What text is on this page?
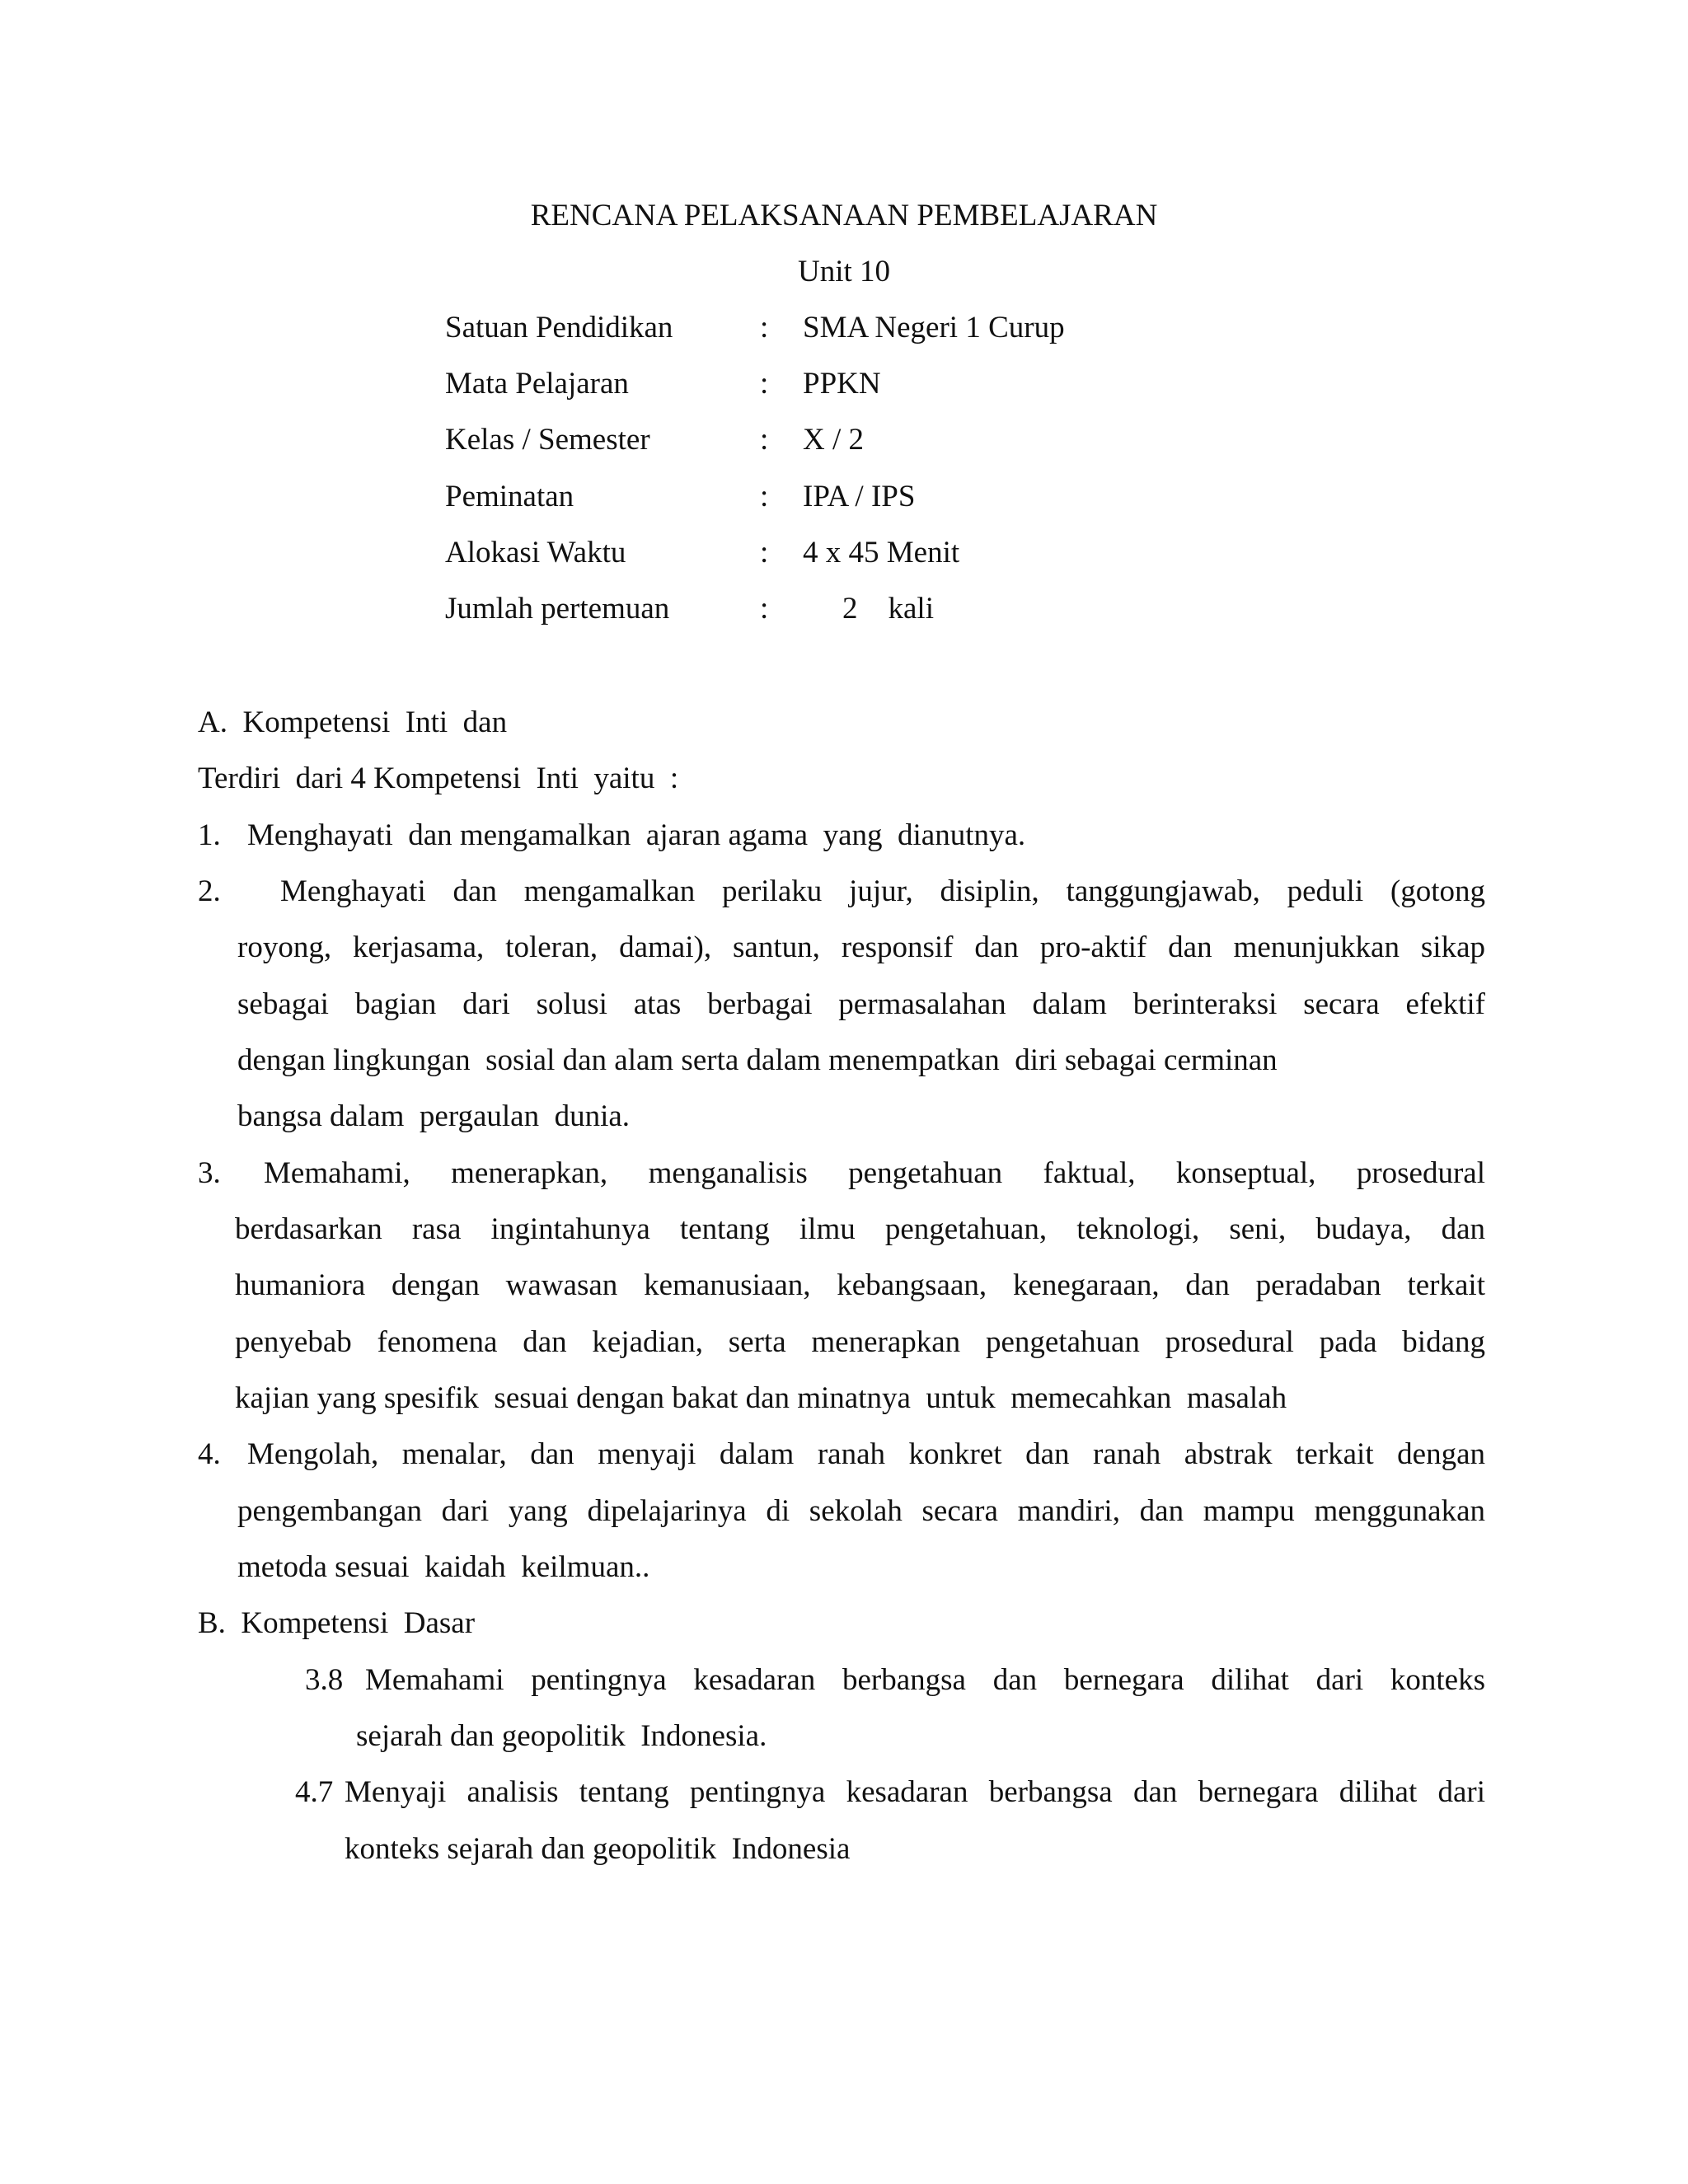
RENCANA PELAKSANAAN PEMBELAJARAN
Unit 10
Satuan Pendidikan	: SMA Negeri 1 Curup
Mata Pelajaran	: PPKN
Kelas / Semester	: X / 2
Peminatan	: IPA / IPS
Alokasi Waktu	: 4 x 45 Menit
Jumlah pertemuan	: 2    kali
A.  Kompetensi  Inti  dan
Terdiri  dari 4 Kompetensi  Inti  yaitu  :
1. Menghayati  dan mengamalkan  ajaran agama  yang  dianutnya.
2. Menghayati dan mengamalkan perilaku jujur, disiplin, tanggungjawab, peduli (gotong
royong, kerjasama, toleran, damai), santun, responsif dan pro-aktif dan menunjukkan sikap
sebagai bagian dari solusi atas berbagai permasalahan dalam berinteraksi secara efektif
dengan lingkungan  sosial dan alam serta dalam menempatkan  diri sebagai cerminan
bangsa dalam  pergaulan  dunia.
3. Memahami, menerapkan, menganalisis pengetahuan faktual, konseptual, prosedural
berdasarkan rasa ingintahunya tentang ilmu pengetahuan, teknologi, seni, budaya, dan
humaniora dengan wawasan kemanusiaan, kebangsaan, kenegaraan, dan peradaban terkait
penyebab fenomena dan kejadian, serta menerapkan pengetahuan prosedural pada bidang
kajian yang spesifik  sesuai dengan bakat dan minatnya  untuk  memecahkan  masalah
4. Mengolah, menalar, dan menyaji dalam ranah konkret dan ranah abstrak terkait dengan
pengembangan dari yang dipelajarinya di sekolah secara mandiri, dan mampu menggunakan
metoda sesuai  kaidah  keilmuan..
B.  Kompetensi  Dasar
3.8 Memahami pentingnya kesadaran berbangsa dan bernegara dilihat dari konteks
sejarah dan geopolitik  Indonesia.
4.7 Menyaji analisis tentang pentingnya kesadaran berbangsa dan bernegara dilihat dari
konteks sejarah dan geopolitik  Indonesia
